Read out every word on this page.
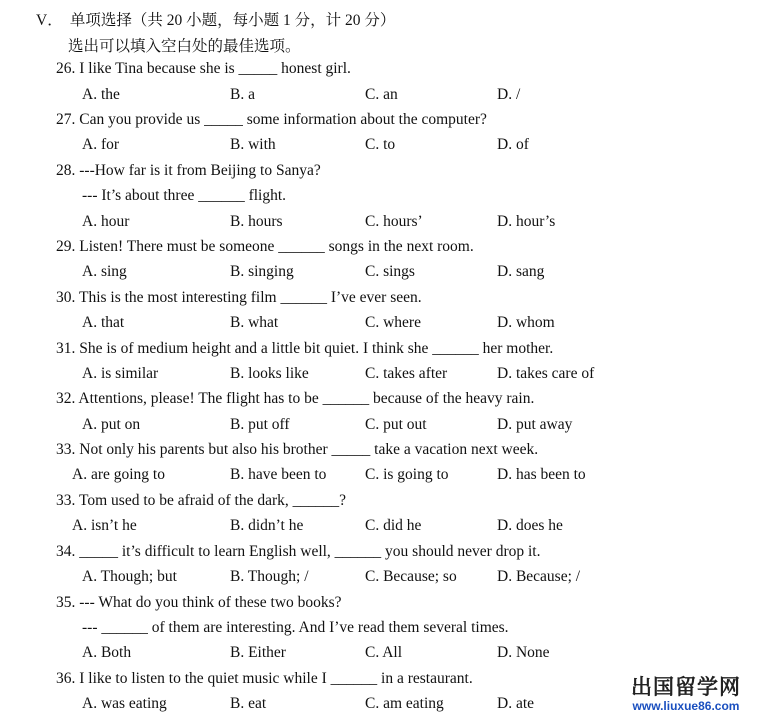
V． 单项选择（共 20 小题，每小题 1 分，计 20 分）
选出可以填入空白处的最佳选项。
26. I like Tina because she is _____ honest girl.
A. the	B. a	C. an	D. /
27. Can you provide us _____ some information about the computer?
A. for	B. with	C. to	D. of
28. ---How far is it from Beijing to Sanya?
--- It’s about three ______ flight.
A. hour	B. hours	C. hours’	D. hour’s
29. Listen! There must be someone ______ songs in the next room.
A. sing	B. singing	C. sings	D. sang
30. This is the most interesting film ______ I’ve ever seen.
A. that	B. what	C. where	D. whom
31. She is of medium height and a little bit quiet. I think she ______ her mother.
A. is similar	B. looks like	C. takes after	D. takes care of
32. Attentions, please! The flight has to be ______ because of the heavy rain.
A. put on	B. put off	C. put out	D. put away
33. Not only his parents but also his brother _____ take a vacation next week.
A. are going to	B. have been to C. is going to	D. has been to
33. Tom used to be afraid of the dark, ______?
A. isn’t he	B. didn’t he	C. did he	D. does he
34. _____ it’s difficult to learn English well, ______ you should never drop it.
A. Though; but	B. Though; /	C. Because; so	D. Because; /
35. --- What do you think of these two books?
--- ______ of them are interesting. And I’ve read them several times.
A. Both	B. Either	C. All	D. None
36. I like to listen to the quiet music while I ______ in a restaurant.
A. was eating	B. eat	C. am eating	D. ate
出国留学网
www.liuxue86.com
